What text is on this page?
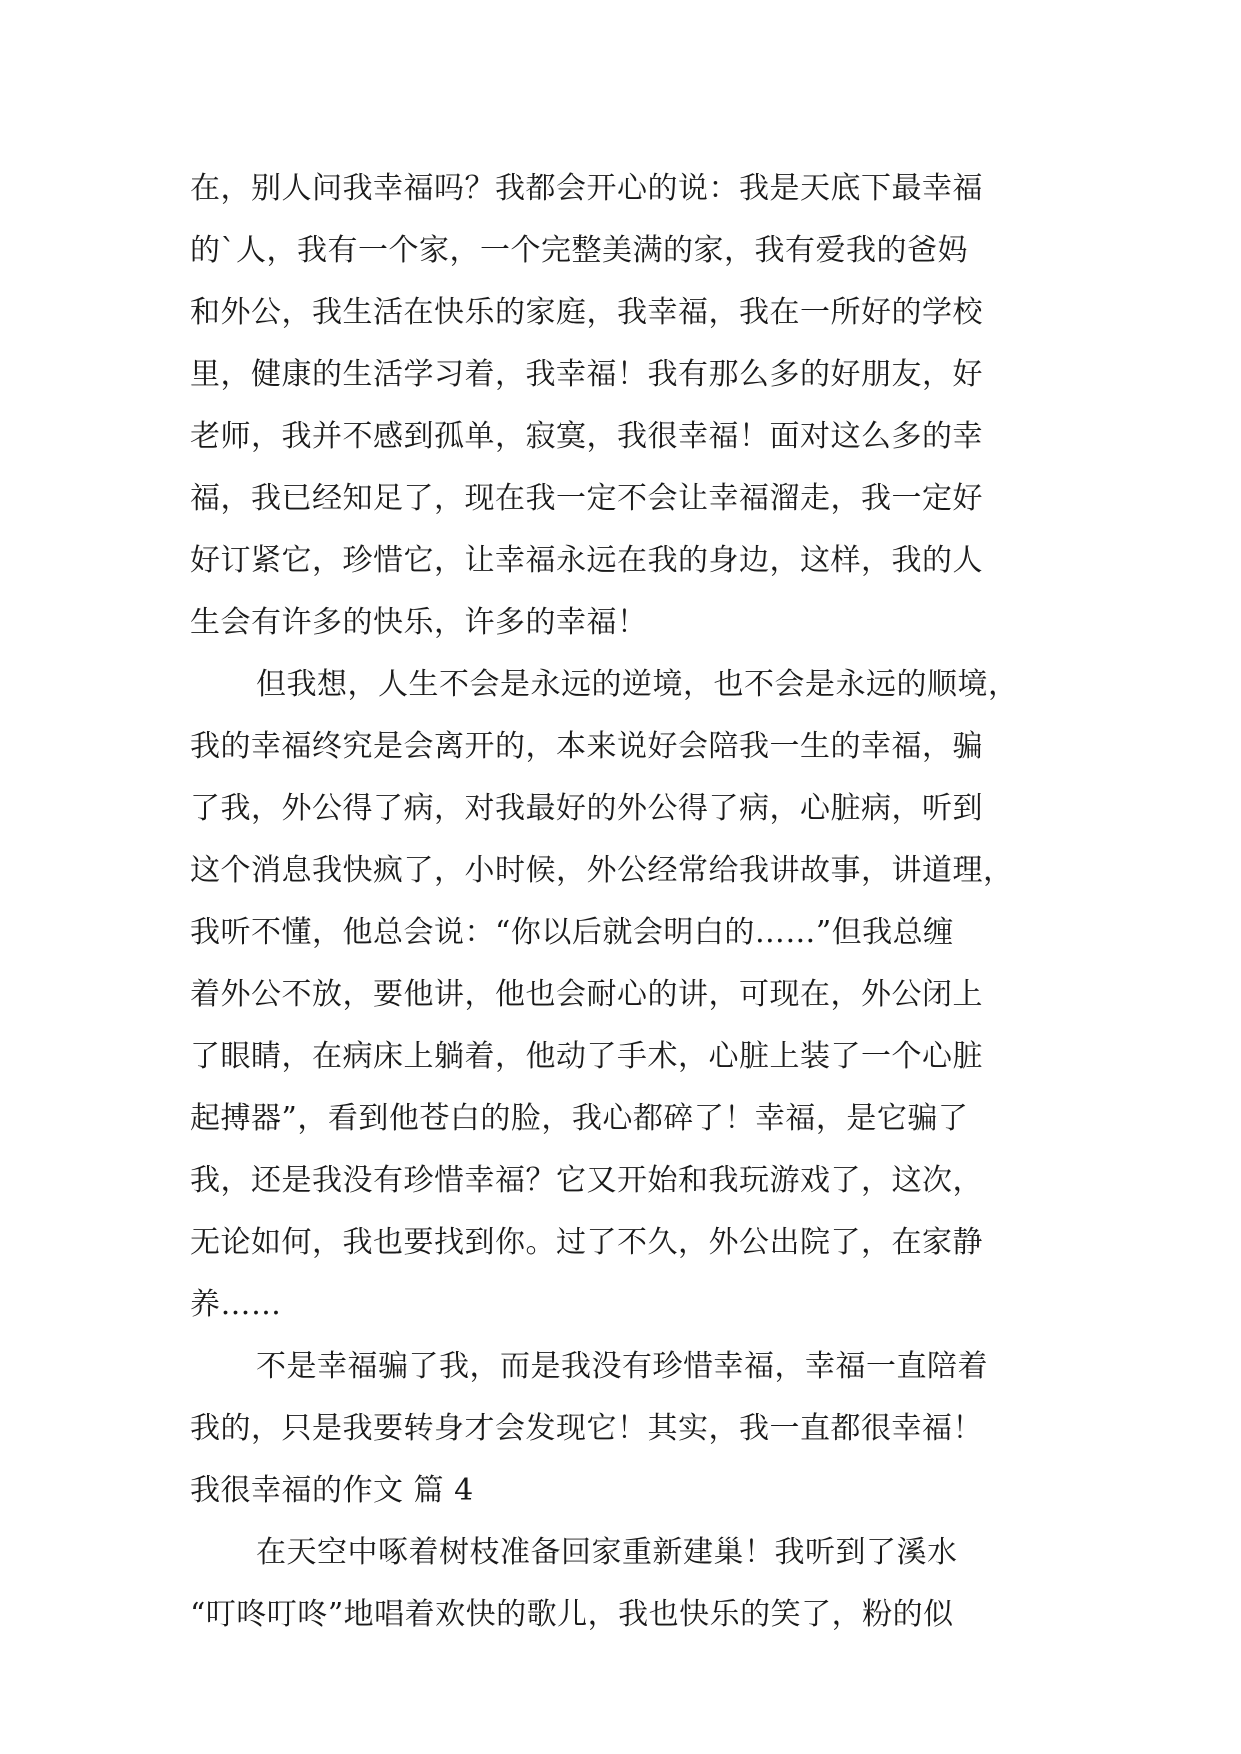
在，别人问我幸福吗？我都会开心的说：我是天底下最幸福
的`人，我有一个家，一个完整美满的家，我有爱我的爸妈
和外公，我生活在快乐的家庭，我幸福，我在一所好的学校
里，健康的生活学习着，我幸福！我有那么多的好朋友，好
老师，我并不感到孤单，寂寞，我很幸福！面对这么多的幸
福，我已经知足了，现在我一定不会让幸福溜走，我一定好
好订紧它，珍惜它，让幸福永远在我的身边，这样，我的人
生会有许多的快乐，许多的幸福！
但我想，人生不会是永远的逆境，也不会是永远的顺境，
我的幸福终究是会离开的，本来说好会陪我一生的幸福，骗
了我，外公得了病，对我最好的外公得了病，心脏病，听到
这个消息我快疯了，小时候，外公经常给我讲故事，讲道理，
我听不懂，他总会说：“你以后就会明白的……”但我总缠
着外公不放，要他讲，他也会耐心的讲，可现在，外公闭上
了眼睛，在病床上躺着，他动了手术，心脏上装了一个心脏
起搏器”，看到他苍白的脸，我心都碎了！幸福，是它骗了
我，还是我没有珍惜幸福？它又开始和我玩游戏了，这次，
无论如何，我也要找到你。过了不久，外公出院了，在家静
养……
不是幸福骗了我，而是我没有珍惜幸福，幸福一直陪着
我的，只是我要转身才会发现它！其实，我一直都很幸福！
我很幸福的作文 篇 4
在天空中啄着树枝准备回家重新建巢！我听到了溪水
“叮咚叮咚”地唱着欢快的歌儿，我也快乐的笑了，粉的似
